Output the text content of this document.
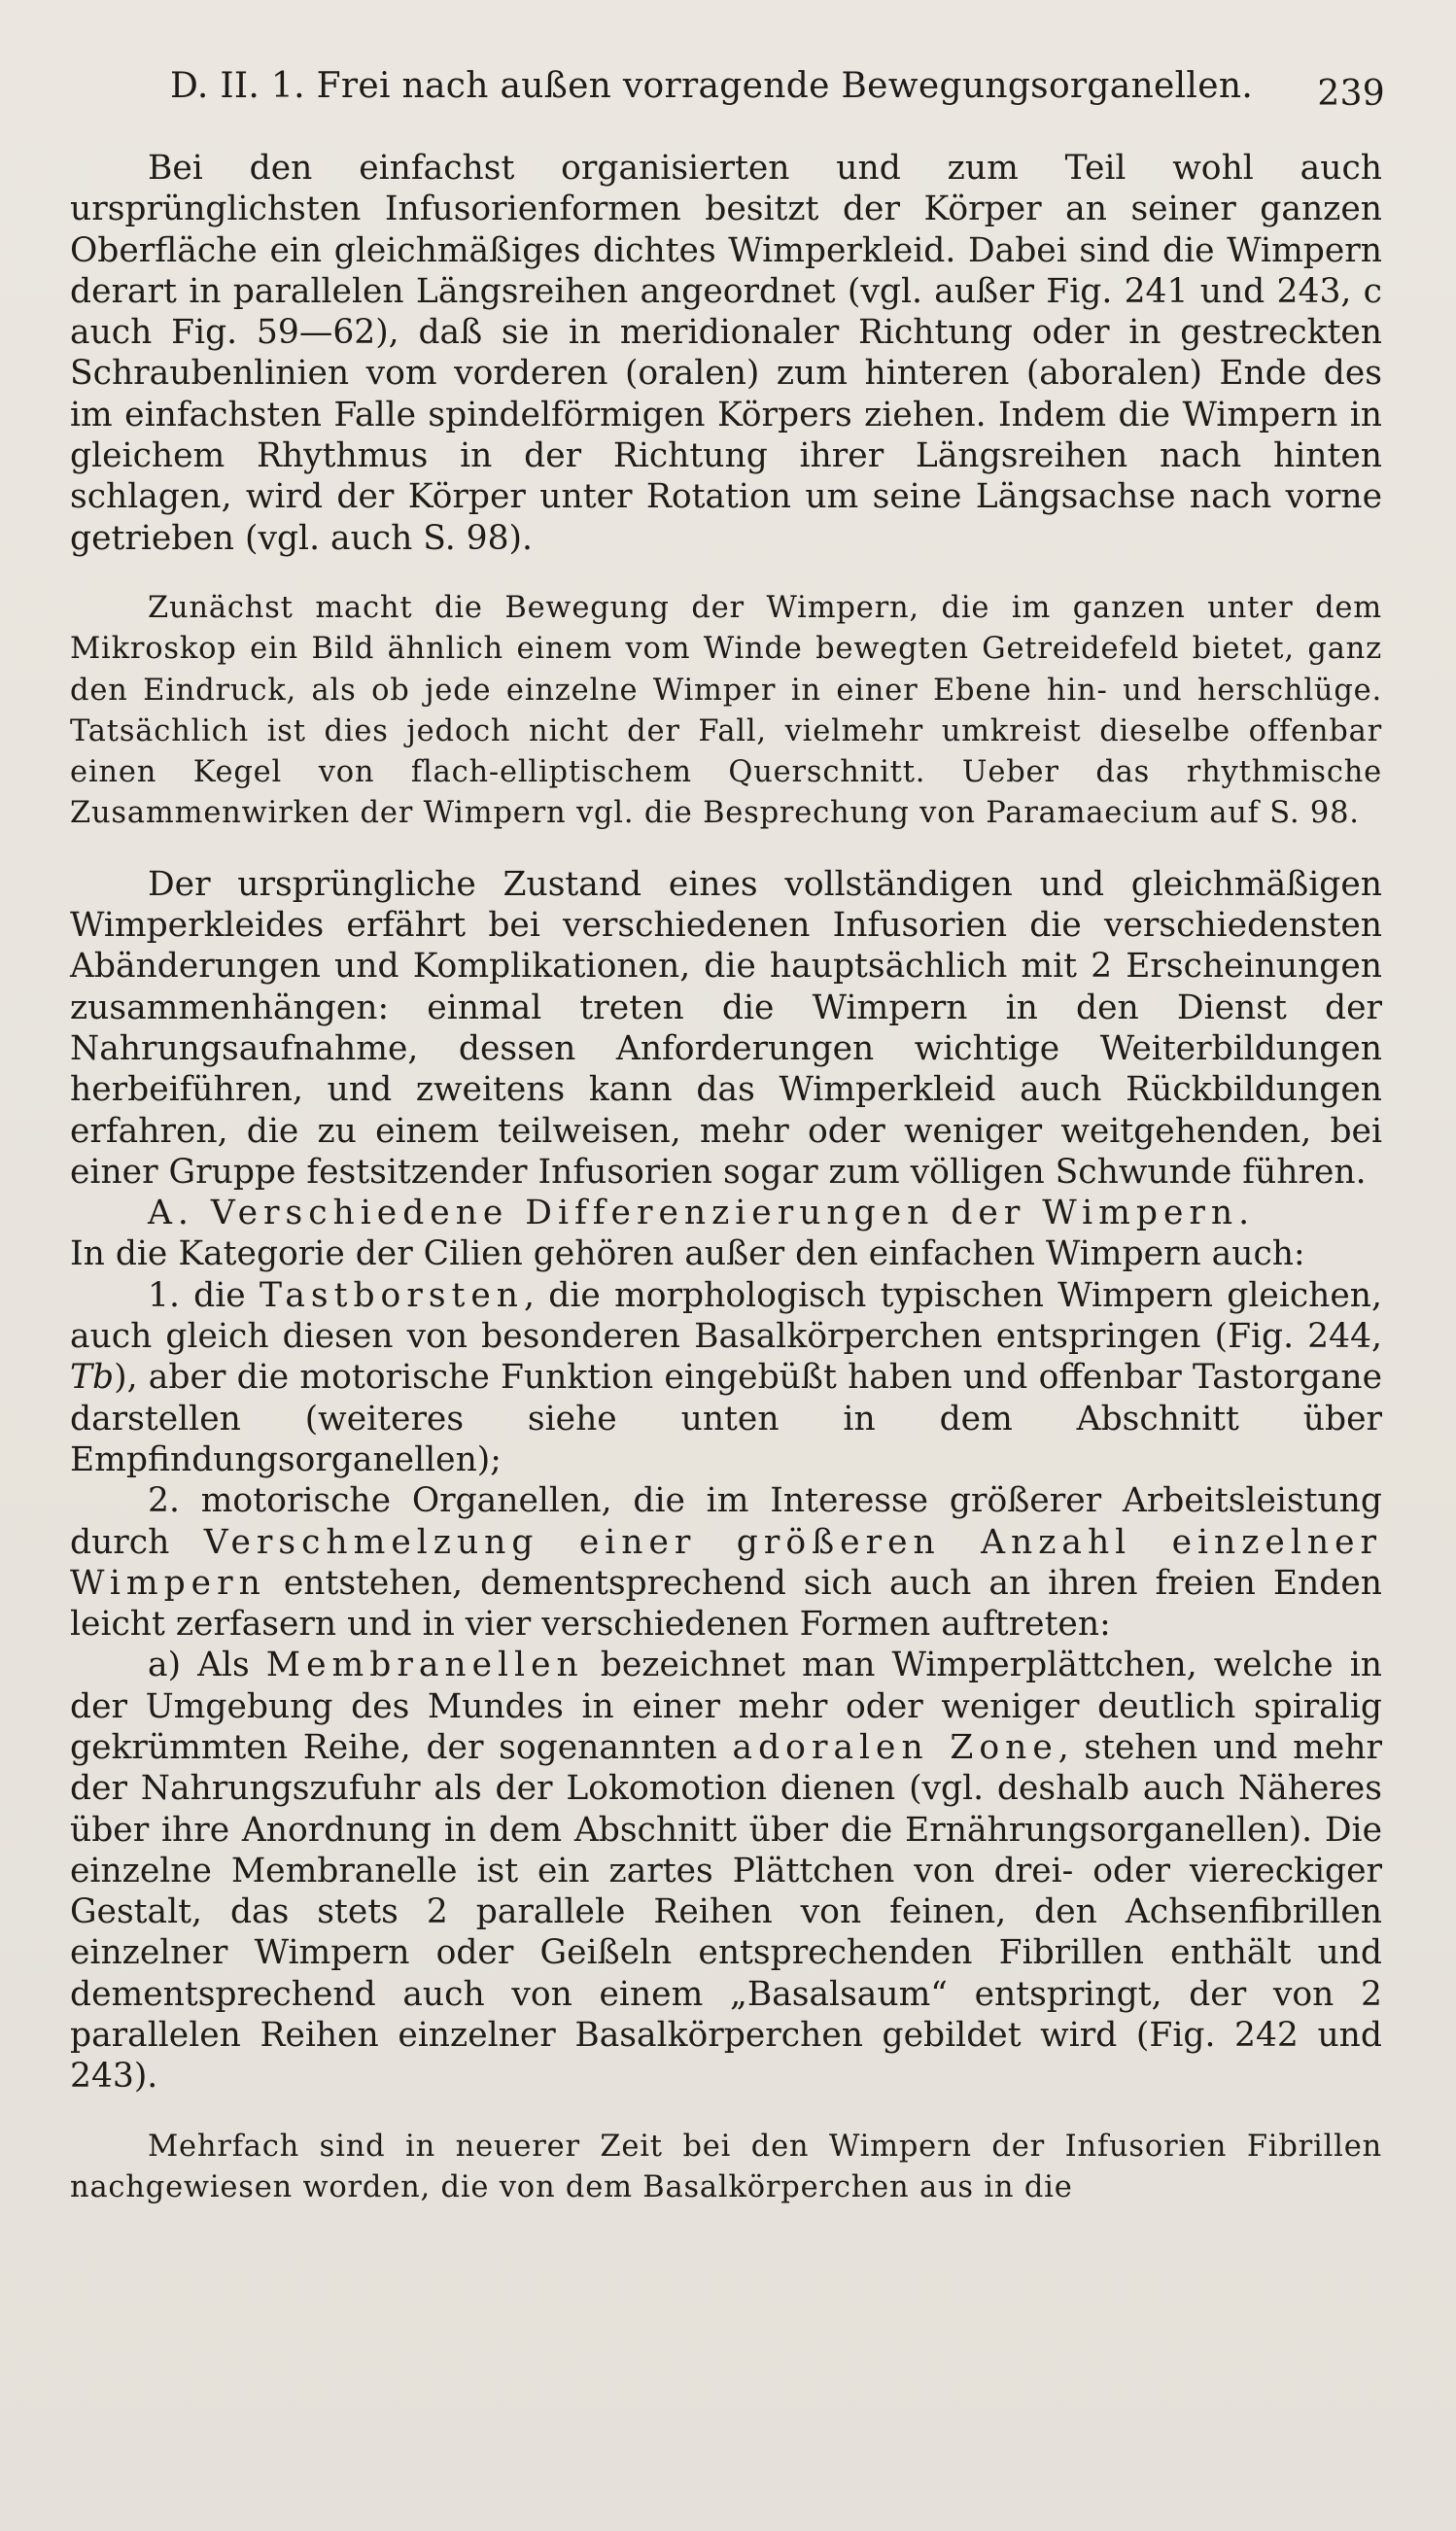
D. II. 1. Frei nach außen vorragende Bewegungsorganellen. 239

Bei den einfachst organisierten und zum Teil wohl auch ursprünglichsten Infusorienformen besitzt der Körper an seiner ganzen Oberfläche ein gleichmäßiges dichtes Wimperkleid. Dabei sind die Wimpern derart in parallelen Längsreihen angeordnet (vgl. außer Fig. 241 und 243, c auch Fig. 59—62), daß sie in meridionaler Richtung oder in gestreckten Schraubenlinien vom vorderen (oralen) zum hinteren (aboralen) Ende des im einfachsten Falle spindelförmigen Körpers ziehen. Indem die Wimpern in gleichem Rhythmus in der Richtung ihrer Längsreihen nach hinten schlagen, wird der Körper unter Rotation um seine Längsachse nach vorne getrieben (vgl. auch S. 98).

Zunächst macht die Bewegung der Wimpern, die im ganzen unter dem Mikroskop ein Bild ähnlich einem vom Winde bewegten Getreidefeld bietet, ganz den Eindruck, als ob jede einzelne Wimper in einer Ebene hin- und herschlüge. Tatsächlich ist dies jedoch nicht der Fall, vielmehr umkreist dieselbe offenbar einen Kegel von flach-elliptischem Querschnitt. Ueber das rhythmische Zusammenwirken der Wimpern vgl. die Besprechung von Paramaecium auf S. 98.

Der ursprüngliche Zustand eines vollständigen und gleichmäßigen Wimperkleides erfährt bei verschiedenen Infusorien die verschiedensten Abänderungen und Komplikationen, die hauptsächlich mit 2 Erscheinungen zusammenhängen: einmal treten die Wimpern in den Dienst der Nahrungsaufnahme, dessen Anforderungen wichtige Weiterbildungen herbeiführen, und zweitens kann das Wimperkleid auch Rückbildungen erfahren, die zu einem teilweisen, mehr oder weniger weitgehenden, bei einer Gruppe festsitzender Infusorien sogar zum völligen Schwunde führen.

A. Verschiedene Differenzierungen der Wimpern.

In die Kategorie der Cilien gehören außer den einfachen Wimpern auch:

1. die Tastborsten, die morphologisch typischen Wimpern gleichen, auch gleich diesen von besonderen Basalkörperchen entspringen (Fig. 244, Tb), aber die motorische Funktion eingebüßt haben und offenbar Tastorgane darstellen (weiteres siehe unten in dem Abschnitt über Empfindungsorganellen);

2. motorische Organellen, die im Interesse größerer Arbeitsleistung durch Verschmelzung einer größeren Anzahl einzelner Wimpern entstehen, dementsprechend sich auch an ihren freien Enden leicht zerfasern und in vier verschiedenen Formen auftreten:

a) Als Membranellen bezeichnet man Wimperplättchen, welche in der Umgebung des Mundes in einer mehr oder weniger deutlich spiralig gekrümmten Reihe, der sogenannten adoralen Zone, stehen und mehr der Nahrungszufuhr als der Lokomotion dienen (vgl. deshalb auch Näheres über ihre Anordnung in dem Abschnitt über die Ernährungsorganellen). Die einzelne Membranelle ist ein zartes Plättchen von drei- oder viereckiger Gestalt, das stets 2 parallele Reihen von feinen, den Achsenfibrillen einzelner Wimpern oder Geißeln entsprechenden Fibrillen enthält und dementsprechend auch von einem „Basalsaum“ entspringt, der von 2 parallelen Reihen einzelner Basalkörperchen gebildet wird (Fig. 242 und 243).

Mehrfach sind in neuerer Zeit bei den Wimpern der Infusorien Fibrillen nachgewiesen worden, die von dem Basalkörperchen aus in die
